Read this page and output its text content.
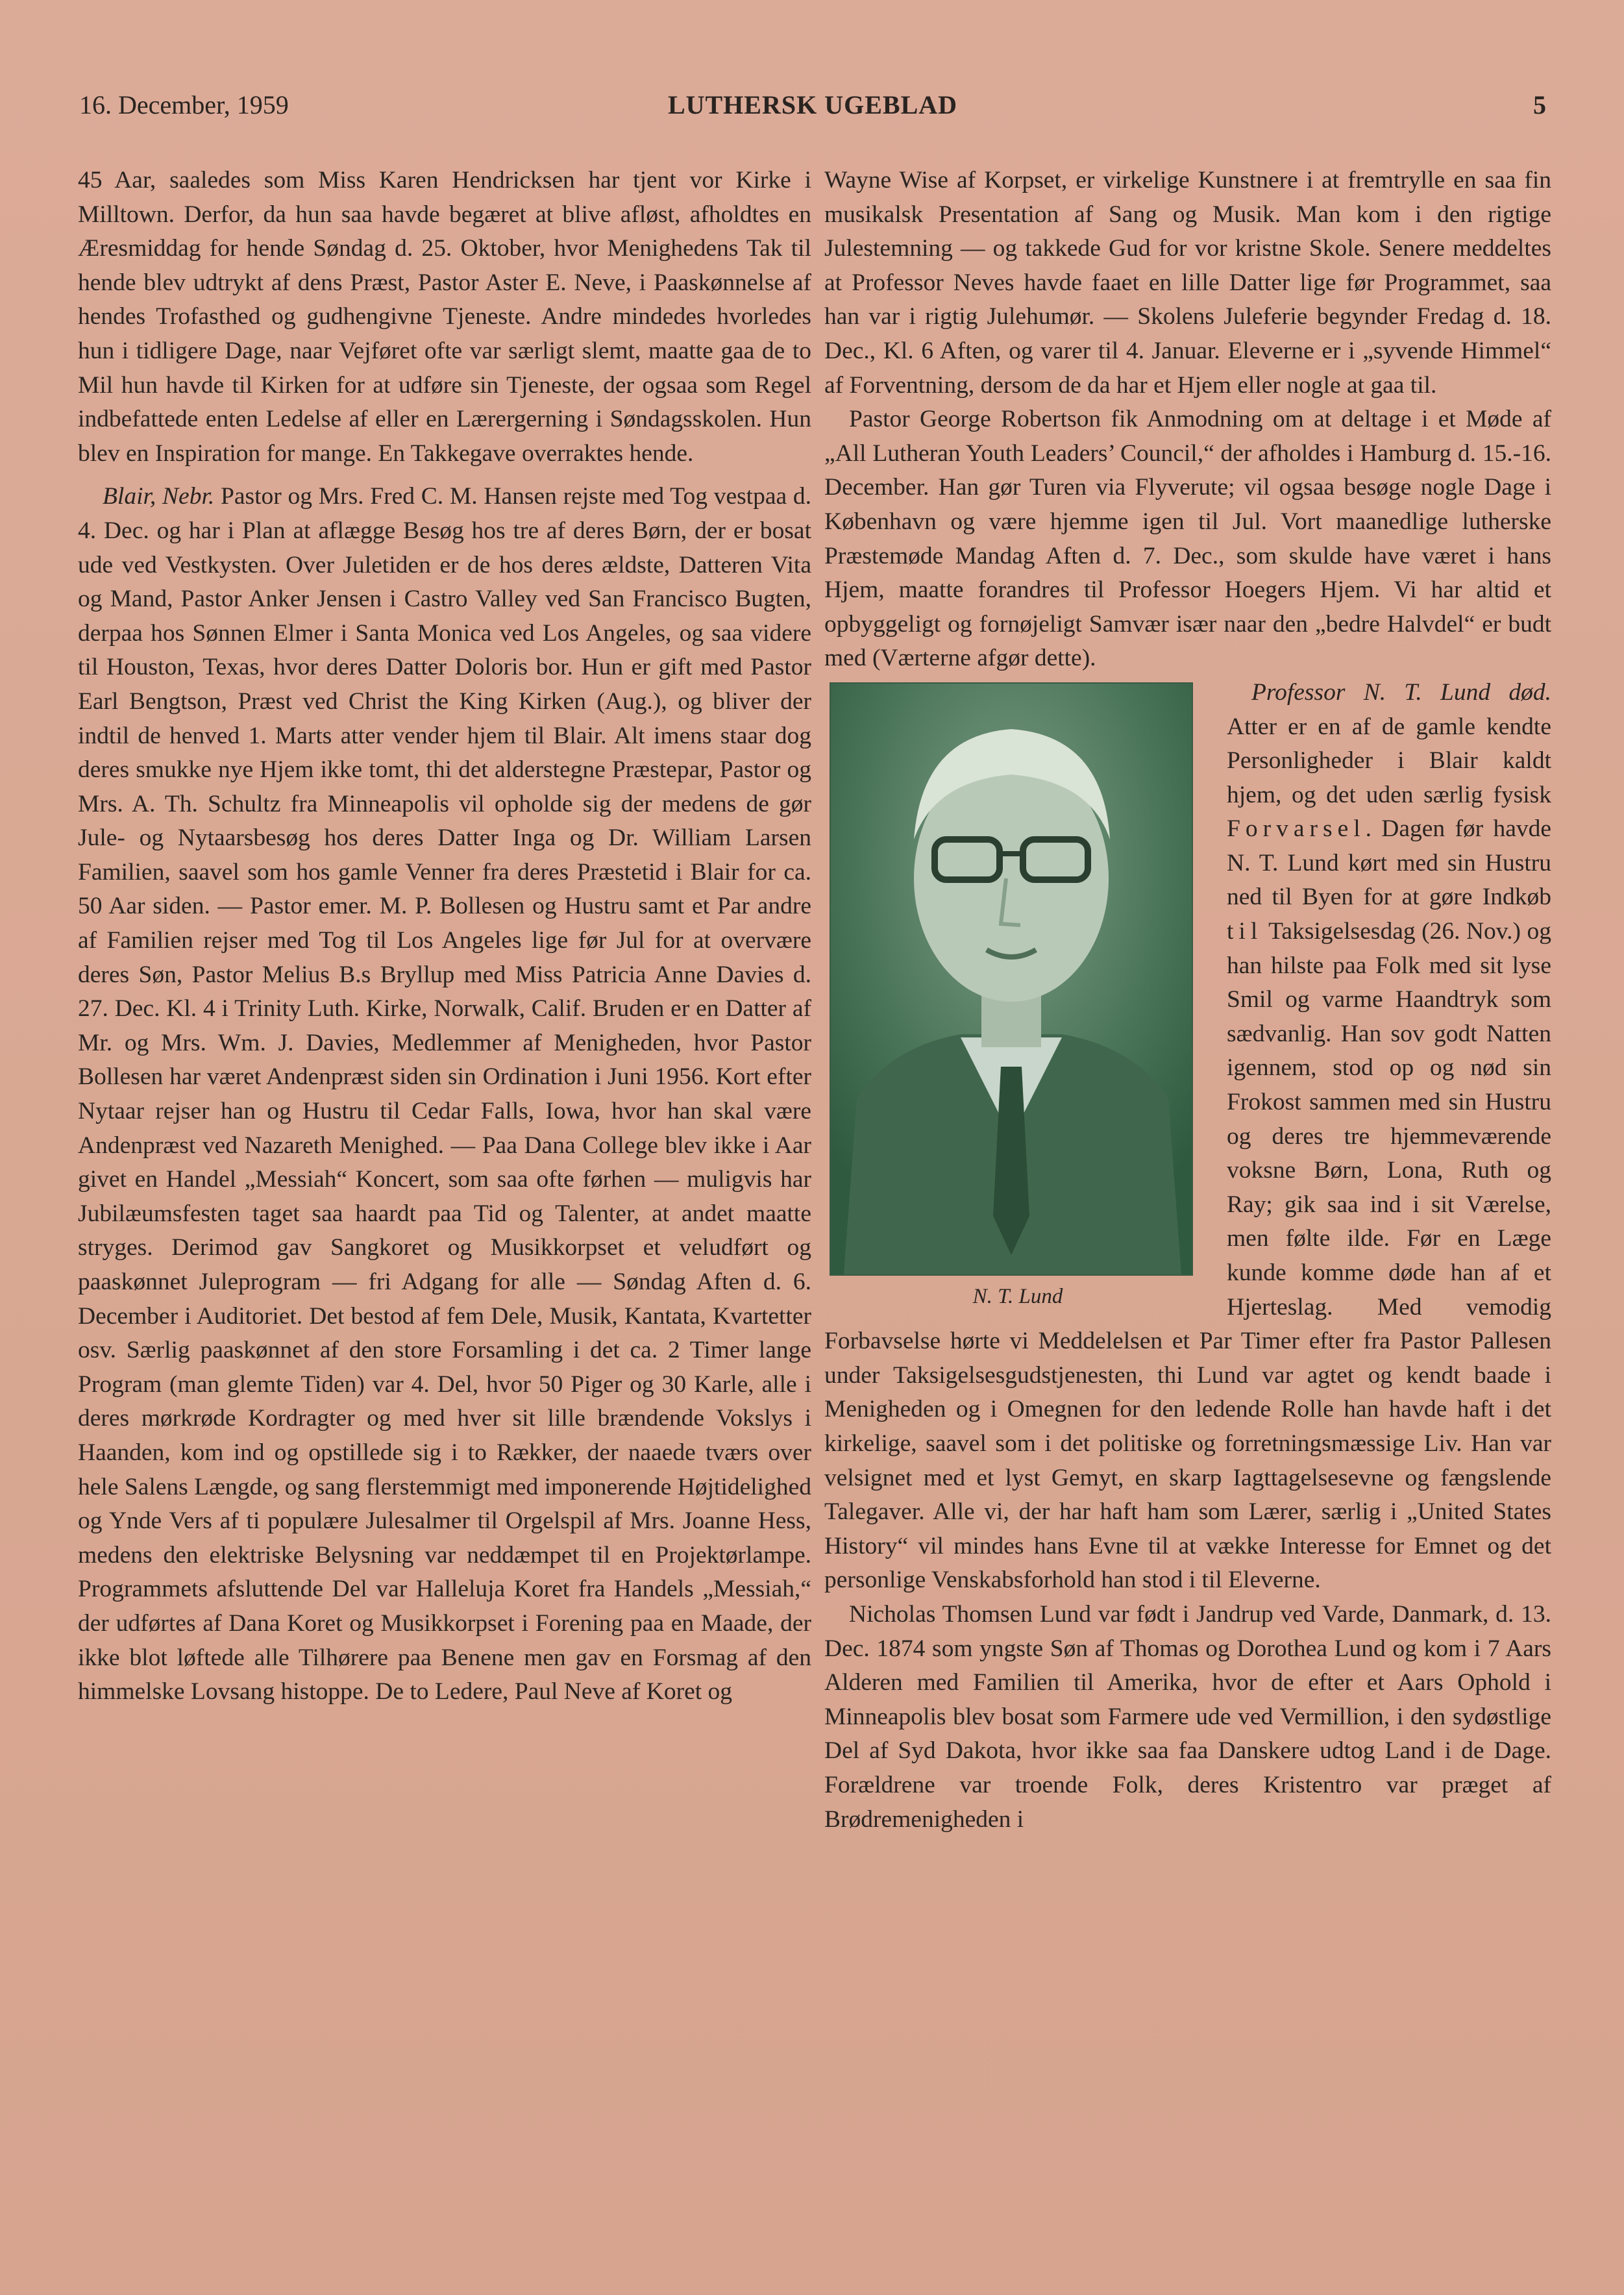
16. December, 1959	LUTHERSK UGEBLAD	5

45 Aar, saaledes som Miss Karen Hendricksen har tjent vor Kirke i Milltown. Derfor, da hun saa havde begæret at blive afløst, afholdtes en Æresmiddag for hende Søndag d. 25. Oktober, hvor Menighedens Tak til hende blev udtrykt af dens Præst, Pastor Aster E. Neve, i Paaskønnelse af hendes Trofasthed og gudhengivne Tjeneste. Andre mindedes hvorledes hun i tidligere Dage, naar Vejføret ofte var særligt slemt, maatte gaa de to Mil hun havde til Kirken for at udføre sin Tjeneste, der ogsaa som Regel indbefattede enten Ledelse af eller en Lærergerning i Søndagsskolen. Hun blev en Inspiration for mange. En Takkegave overraktes hende.

Blair, Nebr. Pastor og Mrs. Fred C. M. Hansen rejste med Tog vestpaa d. 4. Dec. og har i Plan at aflægge Besøg hos tre af deres Børn, der er bosat ude ved Vestkysten. Over Juletiden er de hos deres ældste, Datteren Vita og Mand, Pastor Anker Jensen i Castro Valley ved San Francisco Bugten, derpaa hos Sønnen Elmer i Santa Monica ved Los Angeles, og saa videre til Houston, Texas, hvor deres Datter Doloris bor. Hun er gift med Pastor Earl Bengtson, Præst ved Christ the King Kirken (Aug.), og bliver der indtil de henved 1. Marts atter vender hjem til Blair. Alt imens staar dog deres smukke nye Hjem ikke tomt, thi det alderstegne Præstepar, Pastor og Mrs. A. Th. Schultz fra Minneapolis vil opholde sig der medens de gør Jule- og Nytaarsbesøg hos deres Datter Inga og Dr. William Larsen Familien, saavel som hos gamle Venner fra deres Præstetid i Blair for ca. 50 Aar siden. — Pastor emer. M. P. Bollesen og Hustru samt et Par andre af Familien rejser med Tog til Los Angeles lige før Jul for at overvære deres Søn, Pastor Melius B.s Bryllup med Miss Patricia Anne Davies d. 27. Dec. Kl. 4 i Trinity Luth. Kirke, Norwalk, Calif. Bruden er en Datter af Mr. og Mrs. Wm. J. Davies, Medlemmer af Menigheden, hvor Pastor Bollesen har været Andenpræst siden sin Ordination i Juni 1956. Kort efter Nytaar rejser han og Hustru til Cedar Falls, Iowa, hvor han skal være Andenpræst ved Nazareth Menighed. — Paa Dana College blev ikke i Aar givet en Handel „Messiah“ Koncert, som saa ofte førhen — muligvis har Jubilæumsfesten taget saa haardt paa Tid og Talenter, at andet maatte stryges. Derimod gav Sangkoret og Musikkorpset et veludført og paaskønnet Juleprogram — fri Adgang for alle — Søndag Aften d. 6. December i Auditoriet. Det bestod af fem Dele, Musik, Kantata, Kvartetter osv. Særlig paaskønnet af den store Forsamling i det ca. 2 Timer lange Program (man glemte Tiden) var 4. Del, hvor 50 Piger og 30 Karle, alle i deres mørkrøde Kordragter og med hver sit lille brændende Vokslys i Haanden, kom ind og opstillede sig i to Rækker, der naaede tværs over hele Salens Længde, og sang flerstemmigt med imponerende Højtidelighed og Ynde Vers af ti populære Julesalmer til Orgelspil af Mrs. Joanne Hess, medens den elektriske Belysning var neddæmpet til en Projektørlampe. Programmets afsluttende Del var Halleluja Koret fra Handels „Messiah,“ der udførtes af Dana Koret og Musikkorpset i Forening paa en Maade, der ikke blot løftede alle Tilhørere paa Benene men gav en Forsmag af den himmelske Lovsang histoppe. De to Ledere, Paul Neve af Koret og

Wayne Wise af Korpset, er virkelige Kunstnere i at fremtrylle en saa fin musikalsk Presentation af Sang og Musik. Man kom i den rigtige Julestemning — og takkede Gud for vor kristne Skole. Senere meddeltes at Professor Neves havde faaet en lille Datter lige før Programmet, saa han var i rigtig Julehumør. — Skolens Juleferie begynder Fredag d. 18. Dec., Kl. 6 Aften, og varer til 4. Januar. Eleverne er i „syvende Himmel“ af Forventning, dersom de da har et Hjem eller nogle at gaa til.

Pastor George Robertson fik Anmodning om at deltage i et Møde af „All Lutheran Youth Leaders’ Council,“ der afholdes i Hamburg d. 15.-16. December. Han gør Turen via Flyverute; vil ogsaa besøge nogle Dage i København og være hjemme igen til Jul. Vort maanedlige lutherske Præstemøde Mandag Aften d. 7. Dec., som skulde have været i hans Hjem, maatte forandres til Professor Hoegers Hjem. Vi har altid et opbyggeligt og fornøjeligt Samvær især naar den „bedre Halvdel“ er budt med (Værterne afgør dette).

N. T. Lund

Professor N. T. Lund død. Atter er en af de gamle kendte Personligheder i Blair kaldt hjem, og det uden særlig fysisk Forvarsel. Dagen før havde N. T. Lund kørt med sin Hustru ned til Byen for at gøre Indkøb til Taksigelsesdag (26. Nov.) og han hilste paa Folk med sit lyse Smil og varme Haandtryk som sædvanlig. Han sov godt Natten igennem, stod op og nød sin Frokost sammen med sin Hustru og deres tre hjemmeværende voksne Børn, Lona, Ruth og Ray; gik saa ind i sit Værelse, men følte ilde. Før en Læge kunde komme døde han af et Hjerteslag. Med vemodig Forbavselse hørte vi Meddelelsen et Par Timer efter fra Pastor Pallesen under Taksigelsesgudstjenesten, thi Lund var agtet og kendt baade i Menigheden og i Omegnen for den ledende Rolle han havde haft i det kirkelige, saavel som i det politiske og forretningsmæssige Liv. Han var velsignet med et lyst Gemyt, en skarp Iagttagelsesevne og fængslende Talegaver. Alle vi, der har haft ham som Lærer, særlig i „United States History“ vil mindes hans Evne til at vække Interesse for Emnet og det personlige Venskabsforhold han stod i til Eleverne.

Nicholas Thomsen Lund var født i Jandrup ved Varde, Danmark, d. 13. Dec. 1874 som yngste Søn af Thomas og Dorothea Lund og kom i 7 Aars Alderen med Familien til Amerika, hvor de efter et Aars Ophold i Minneapolis blev bosat som Farmere ude ved Vermillion, i den sydøstlige Del af Syd Dakota, hvor ikke saa faa Danskere udtog Land i de Dage. Forældrene var troende Folk, deres Kristentro var præget af Brødremenigheden i
